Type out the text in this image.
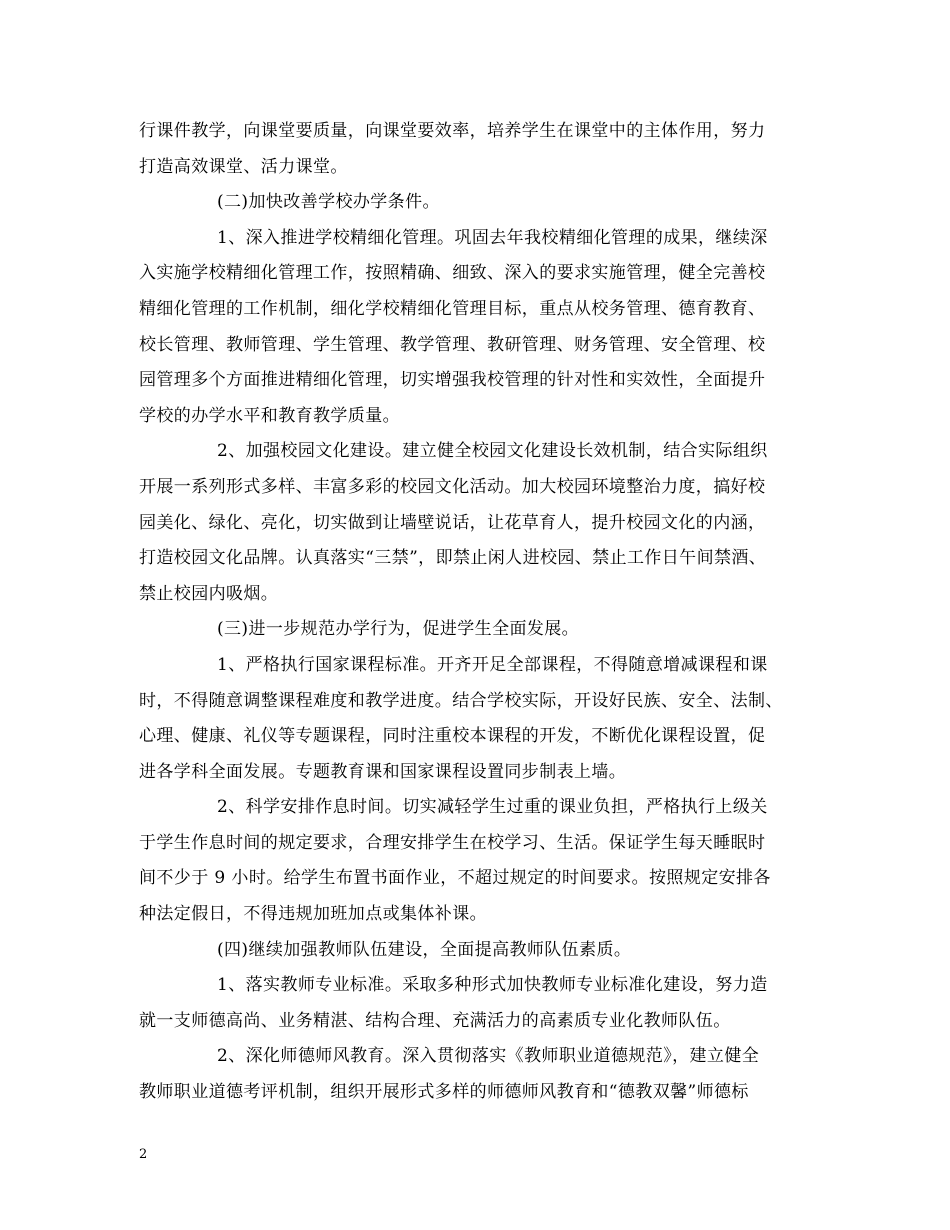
行课件教学，向课堂要质量，向课堂要效率，培养学生在课堂中的主体作用，努力
打造高效课堂、活力课堂。
(二)加快改善学校办学条件。
1、深入推进学校精细化管理。巩固去年我校精细化管理的成果，继续深
入实施学校精细化管理工作，按照精确、细致、深入的要求实施管理，健全完善校
精细化管理的工作机制，细化学校精细化管理目标，重点从校务管理、德育教育、
校长管理、教师管理、学生管理、教学管理、教研管理、财务管理、安全管理、校
园管理多个方面推进精细化管理，切实增强我校管理的针对性和实效性，全面提升
学校的办学水平和教育教学质量。
2、加强校园文化建设。建立健全校园文化建设长效机制，结合实际组织
开展一系列形式多样、丰富多彩的校园文化活动。加大校园环境整治力度，搞好校
园美化、绿化、亮化，切实做到让墙壁说话，让花草育人，提升校园文化的内涵，
打造校园文化品牌。认真落实“三禁”，即禁止闲人进校园、禁止工作日午间禁酒、
禁止校园内吸烟。
(三)进一步规范办学行为，促进学生全面发展。
1、严格执行国家课程标准。开齐开足全部课程，不得随意增减课程和课
时，不得随意调整课程难度和教学进度。结合学校实际，开设好民族、安全、法制、
心理、健康、礼仪等专题课程，同时注重校本课程的开发，不断优化课程设置，促
进各学科全面发展。专题教育课和国家课程设置同步制表上墙。
2、科学安排作息时间。切实减轻学生过重的课业负担，严格执行上级关
于学生作息时间的规定要求，合理安排学生在校学习、生活。保证学生每天睡眠时
间不少于 9 小时。给学生布置书面作业，不超过规定的时间要求。按照规定安排各
种法定假日，不得违规加班加点或集体补课。
(四)继续加强教师队伍建设，全面提高教师队伍素质。
1、落实教师专业标准。采取多种形式加快教师专业标准化建设，努力造
就一支师德高尚、业务精湛、结构合理、充满活力的高素质专业化教师队伍。
2、深化师德师风教育。深入贯彻落实《教师职业道德规范》，建立健全
教师职业道德考评机制，组织开展形式多样的师德师风教育和“德教双馨”师德标
2
